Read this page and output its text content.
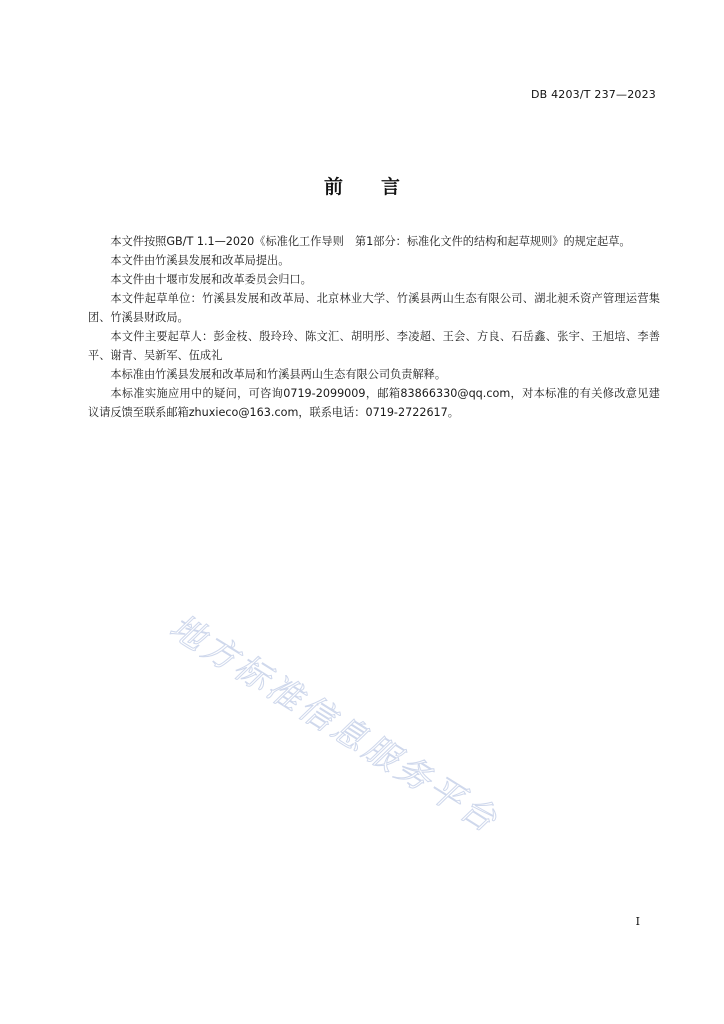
DB 4203/T 237—2023
前 言

本文件按照GB/T 1.1—2020《标准化工作导则　第1部分：标准化文件的结构和起草规则》的规定起草。

本文件由竹溪县发展和改革局提出。

本文件由十堰市发展和改革委员会归口。

本文件起草单位：竹溪县发展和改革局、北京林业大学、竹溪县两山生态有限公司、湖北昶禾资产管理运营集团、竹溪县财政局。

本文件主要起草人：彭金枝、殷玲玲、陈文汇、胡明彤、李凌超、王会、方良、石岳鑫、张宇、王旭培、李善平、谢青、吴新军、伍成礼

本标准由竹溪县发展和改革局和竹溪县两山生态有限公司负责解释。

本标准实施应用中的疑问，可咨询0719-2099009，邮箱83866330@qq.com，对本标准的有关修改意见建议请反馈至联系邮箱zhuxieco@163.com，联系电话：0719-2722617。

地方标准信息服务平台
I
